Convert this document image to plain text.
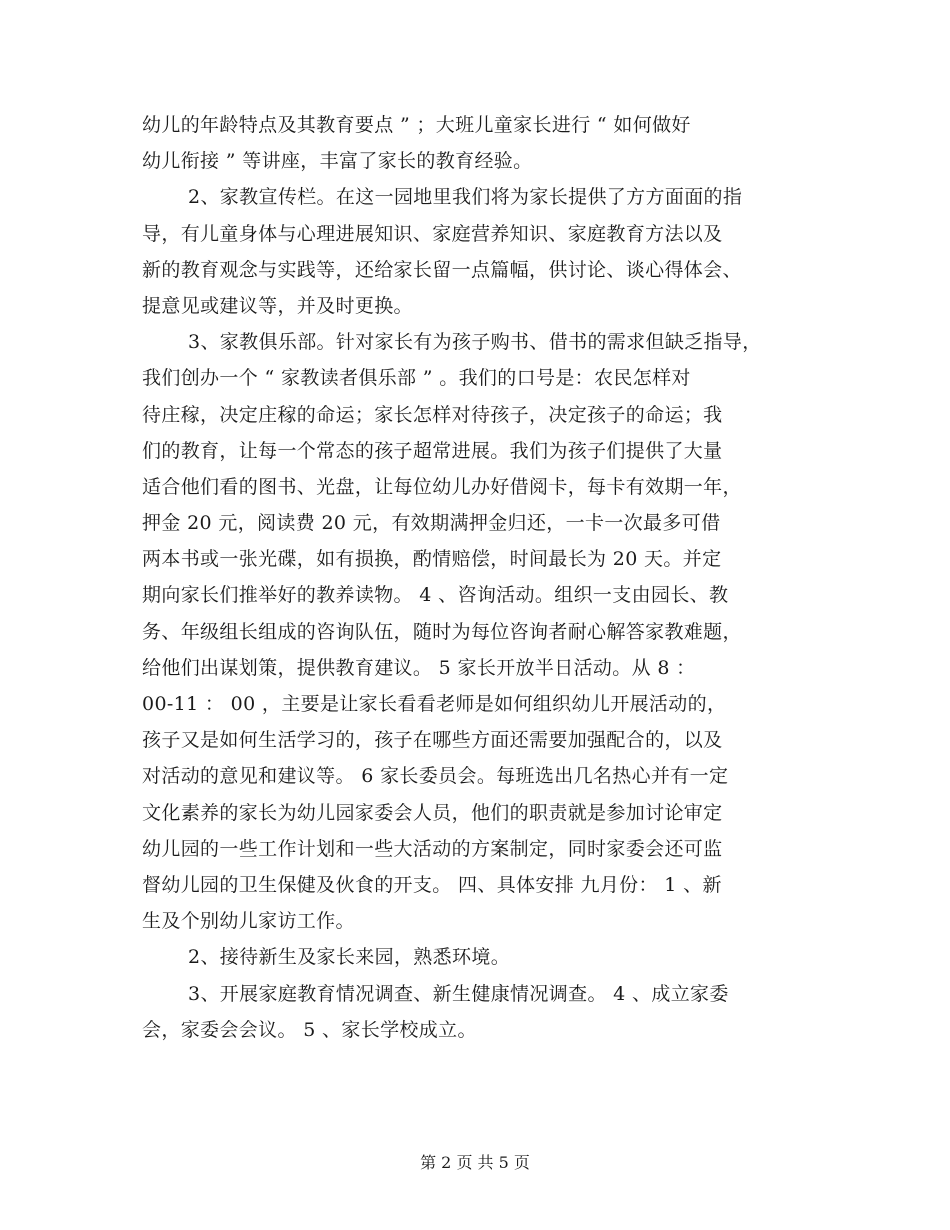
幼儿的年龄特点及其教育要点 ” ；大班儿童家长进行 “ 如何做好
幼儿衔接 ” 等讲座，丰富了家长的教育经验。
2、家教宣传栏。在这一园地里我们将为家长提供了方方面面的指
导，有儿童身体与心理进展知识、家庭营养知识、家庭教育方法以及
新的教育观念与实践等，还给家长留一点篇幅，供讨论、谈心得体会、
提意见或建议等，并及时更换。
3、家教俱乐部。针对家长有为孩子购书、借书的需求但缺乏指导，
我们创办一个 “ 家教读者俱乐部 ” 。我们的口号是：农民怎样对
待庄稼，决定庄稼的命运；家长怎样对待孩子，决定孩子的命运；我
们的教育，让每一个常态的孩子超常进展。我们为孩子们提供了大量
适合他们看的图书、光盘，让每位幼儿办好借阅卡，每卡有效期一年，
押金 20 元，阅读费 20 元，有效期满押金归还，一卡一次最多可借
两本书或一张光碟，如有损换，酌情赔偿，时间最长为 20 天。并定
期向家长们推举好的教养读物。 4 、咨询活动。组织一支由园长、教
务、年级组长组成的咨询队伍，随时为每位咨询者耐心解答家教难题，
给他们出谋划策，提供教育建议。 5 家长开放半日活动。从 8 ：
00-11 ： 00 ，主要是让家长看看老师是如何组织幼儿开展活动的，
孩子又是如何生活学习的，孩子在哪些方面还需要加强配合的，以及
对活动的意见和建议等。 6 家长委员会。每班选出几名热心并有一定
文化素养的家长为幼儿园家委会人员，他们的职责就是参加讨论审定
幼儿园的一些工作计划和一些大活动的方案制定，同时家委会还可监
督幼儿园的卫生保健及伙食的开支。 四、具体安排 九月份： 1 、新
生及个别幼儿家访工作。
2、接待新生及家长来园，熟悉环境。
3、开展家庭教育情况调查、新生健康情况调查。 4 、成立家委
会，家委会会议。 5 、家长学校成立。
第 2 页 共 5 页
